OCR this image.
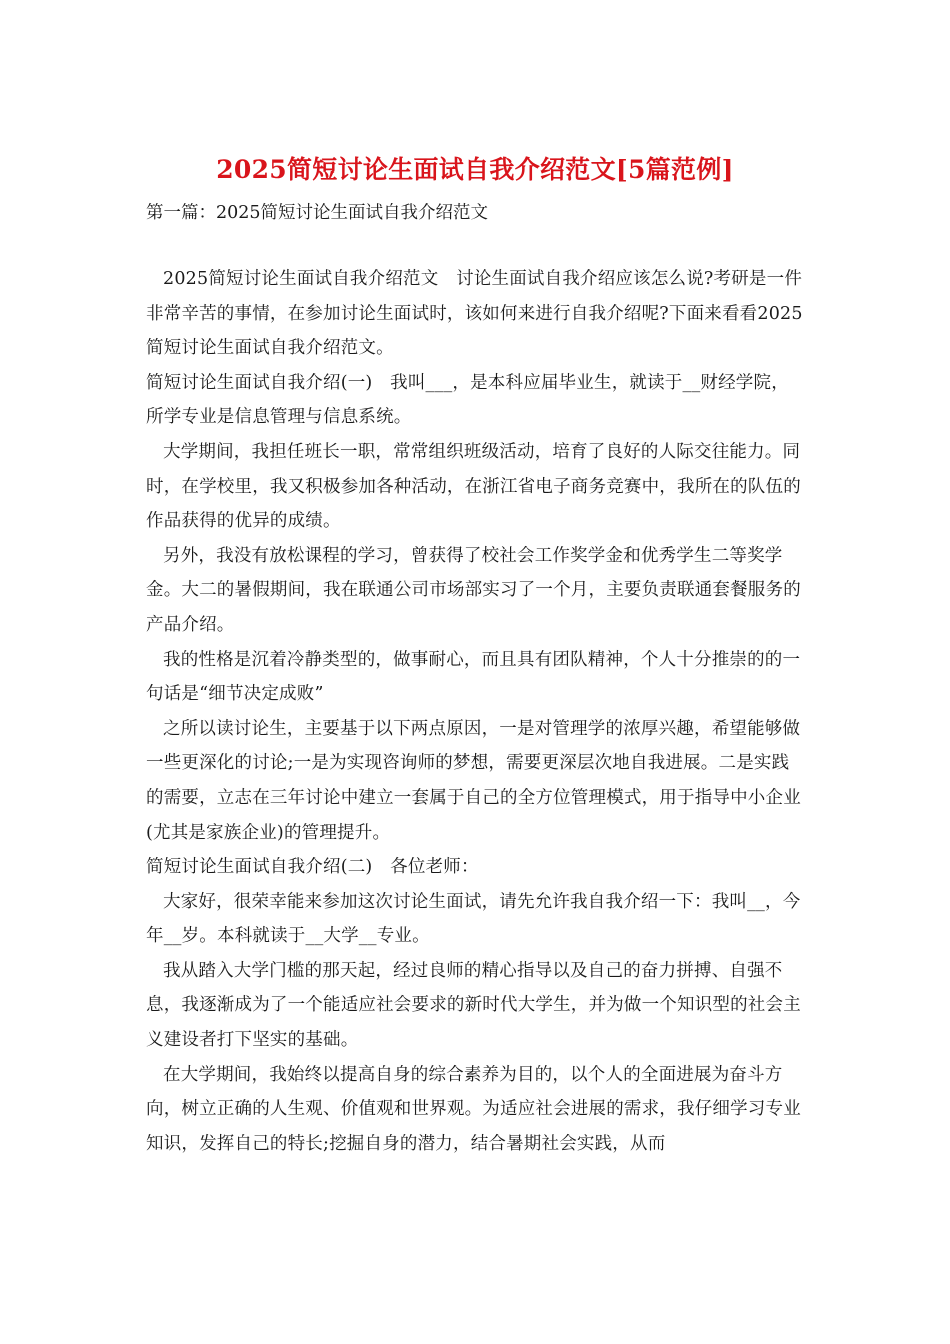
2025简短讨论生面试自我介绍范文[5篇范例]
第一篇：2025简短讨论生面试自我介绍范文

2025简短讨论生面试自我介绍范文　讨论生面试自我介绍应该怎么说?考研是一件非常辛苦的事情，在参加讨论生面试时，该如何来进行自我介绍呢?下面来看看2025简短讨论生面试自我介绍范文。

简短讨论生面试自我介绍(一)　我叫___，是本科应届毕业生，就读于__财经学院，所学专业是信息管理与信息系统。

大学期间，我担任班长一职，常常组织班级活动，培育了良好的人际交往能力。同时，在学校里，我又积极参加各种活动，在浙江省电子商务竞赛中，我所在的队伍的作品获得的优异的成绩。

另外，我没有放松课程的学习，曾获得了校社会工作奖学金和优秀学生二等奖学金。大二的暑假期间，我在联通公司市场部实习了一个月，主要负责联通套餐服务的产品介绍。

我的性格是沉着冷静类型的，做事耐心，而且具有团队精神，个人十分推崇的的一句话是“细节决定成败”

之所以读讨论生，主要基于以下两点原因，一是对管理学的浓厚兴趣，希望能够做一些更深化的讨论;一是为实现咨询师的梦想，需要更深层次地自我进展。二是实践的需要，立志在三年讨论中建立一套属于自己的全方位管理模式，用于指导中小企业(尤其是家族企业)的管理提升。

简短讨论生面试自我介绍(二)　各位老师：

大家好，很荣幸能来参加这次讨论生面试，请先允许我自我介绍一下：我叫__，今年__岁。本科就读于__大学__专业。

我从踏入大学门槛的那天起，经过良师的精心指导以及自己的奋力拼搏、自强不息，我逐渐成为了一个能适应社会要求的新时代大学生，并为做一个知识型的社会主义建设者打下坚实的基础。

在大学期间，我始终以提高自身的综合素养为目的，以个人的全面进展为奋斗方向，树立正确的人生观、价值观和世界观。为适应社会进展的需求，我仔细学习专业知识，发挥自己的特长;挖掘自身的潜力，结合暑期社会实践，从而
